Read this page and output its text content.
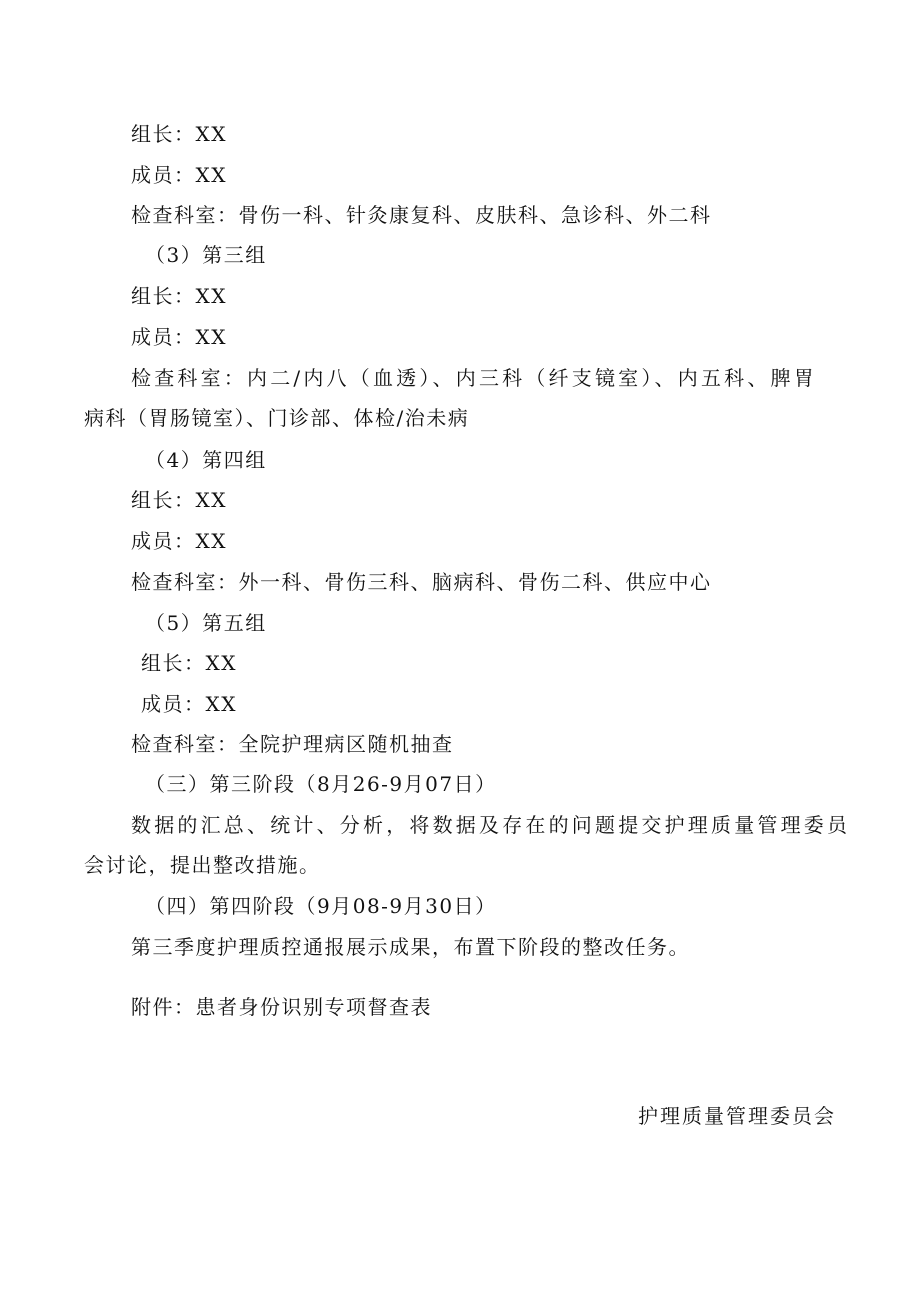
组长：XX
成员：XX
检查科室：骨伤一科、针灸康复科、皮肤科、急诊科、外二科
（3）第三组
组长：XX
成员：XX
检查科室：内二/内八（血透）、内三科（纤支镜室）、内五科、脾胃
病科（胃肠镜室）、门诊部、体检/治未病
（4）第四组
组长：XX
成员：XX
检查科室：外一科、骨伤三科、脑病科、骨伤二科、供应中心
（5）第五组
组长：XX
成员：XX
检查科室：全院护理病区随机抽查
（三）第三阶段（8月26-9月07日）
数据的汇总、统计、分析，将数据及存在的问题提交护理质量管理委员
会讨论，提出整改措施。
（四）第四阶段（9月08-9月30日）
第三季度护理质控通报展示成果，布置下阶段的整改任务。
附件：患者身份识别专项督查表
护理质量管理委员会
